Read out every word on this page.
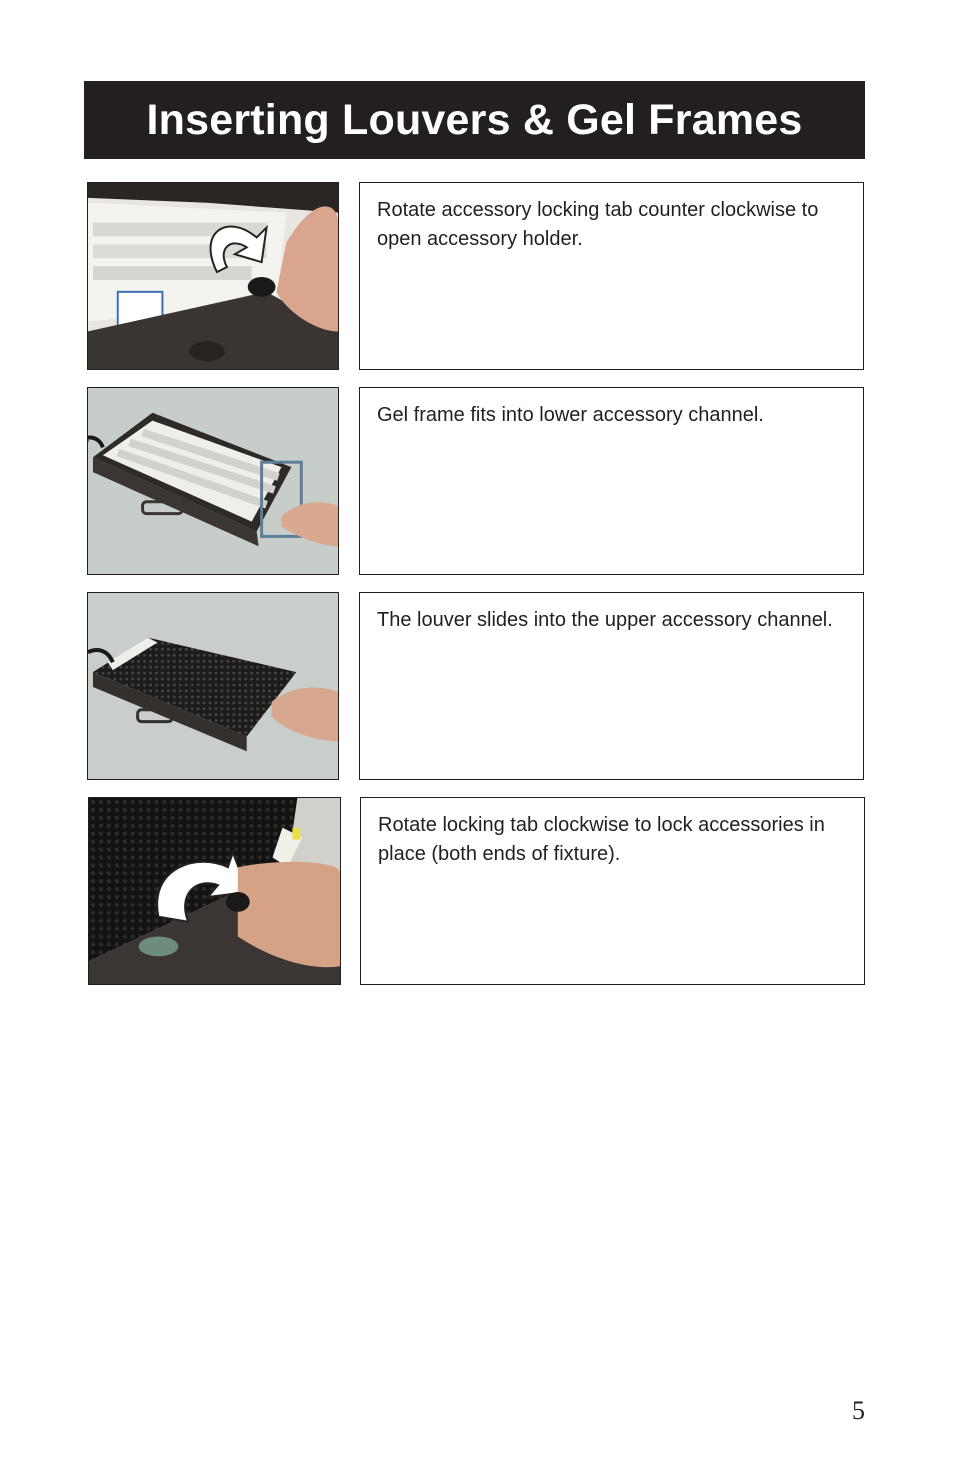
Inserting Louvers & Gel Frames

Rotate accessory locking tab counter clockwise to open accessory holder.

Gel frame fits into lower accessory channel.

The louver slides into the upper accessory channel.

Rotate locking tab clockwise to lock accessories in place (both ends of fixture).

5
